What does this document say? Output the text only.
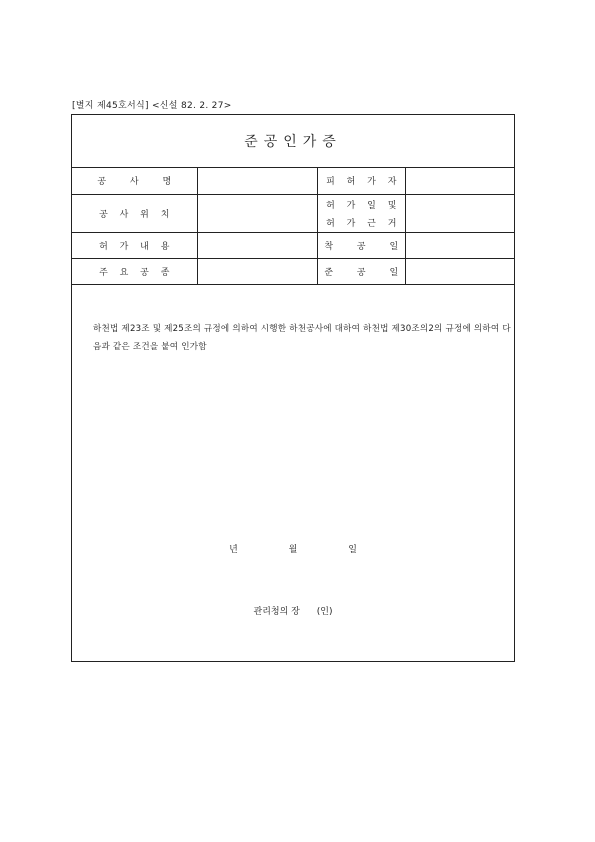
[별지 제45호서식] <신설 82. 2. 27>
준공인가증
공 사 명		피 허 가 자	
공 사 위 치		허 가 일 및
허 가 근 거	

허 가 내 용		착 공 일	
주 요 공 종		준 공 일	
하천법 제23조 및 제25조의 규정에 의하여 시행한 하천공사에 대하여 하천법 제30조의2의 규정에 의하여 다음과 같은 조건을 붙여 인가함
년	월	일
관리청의 장 (인)
